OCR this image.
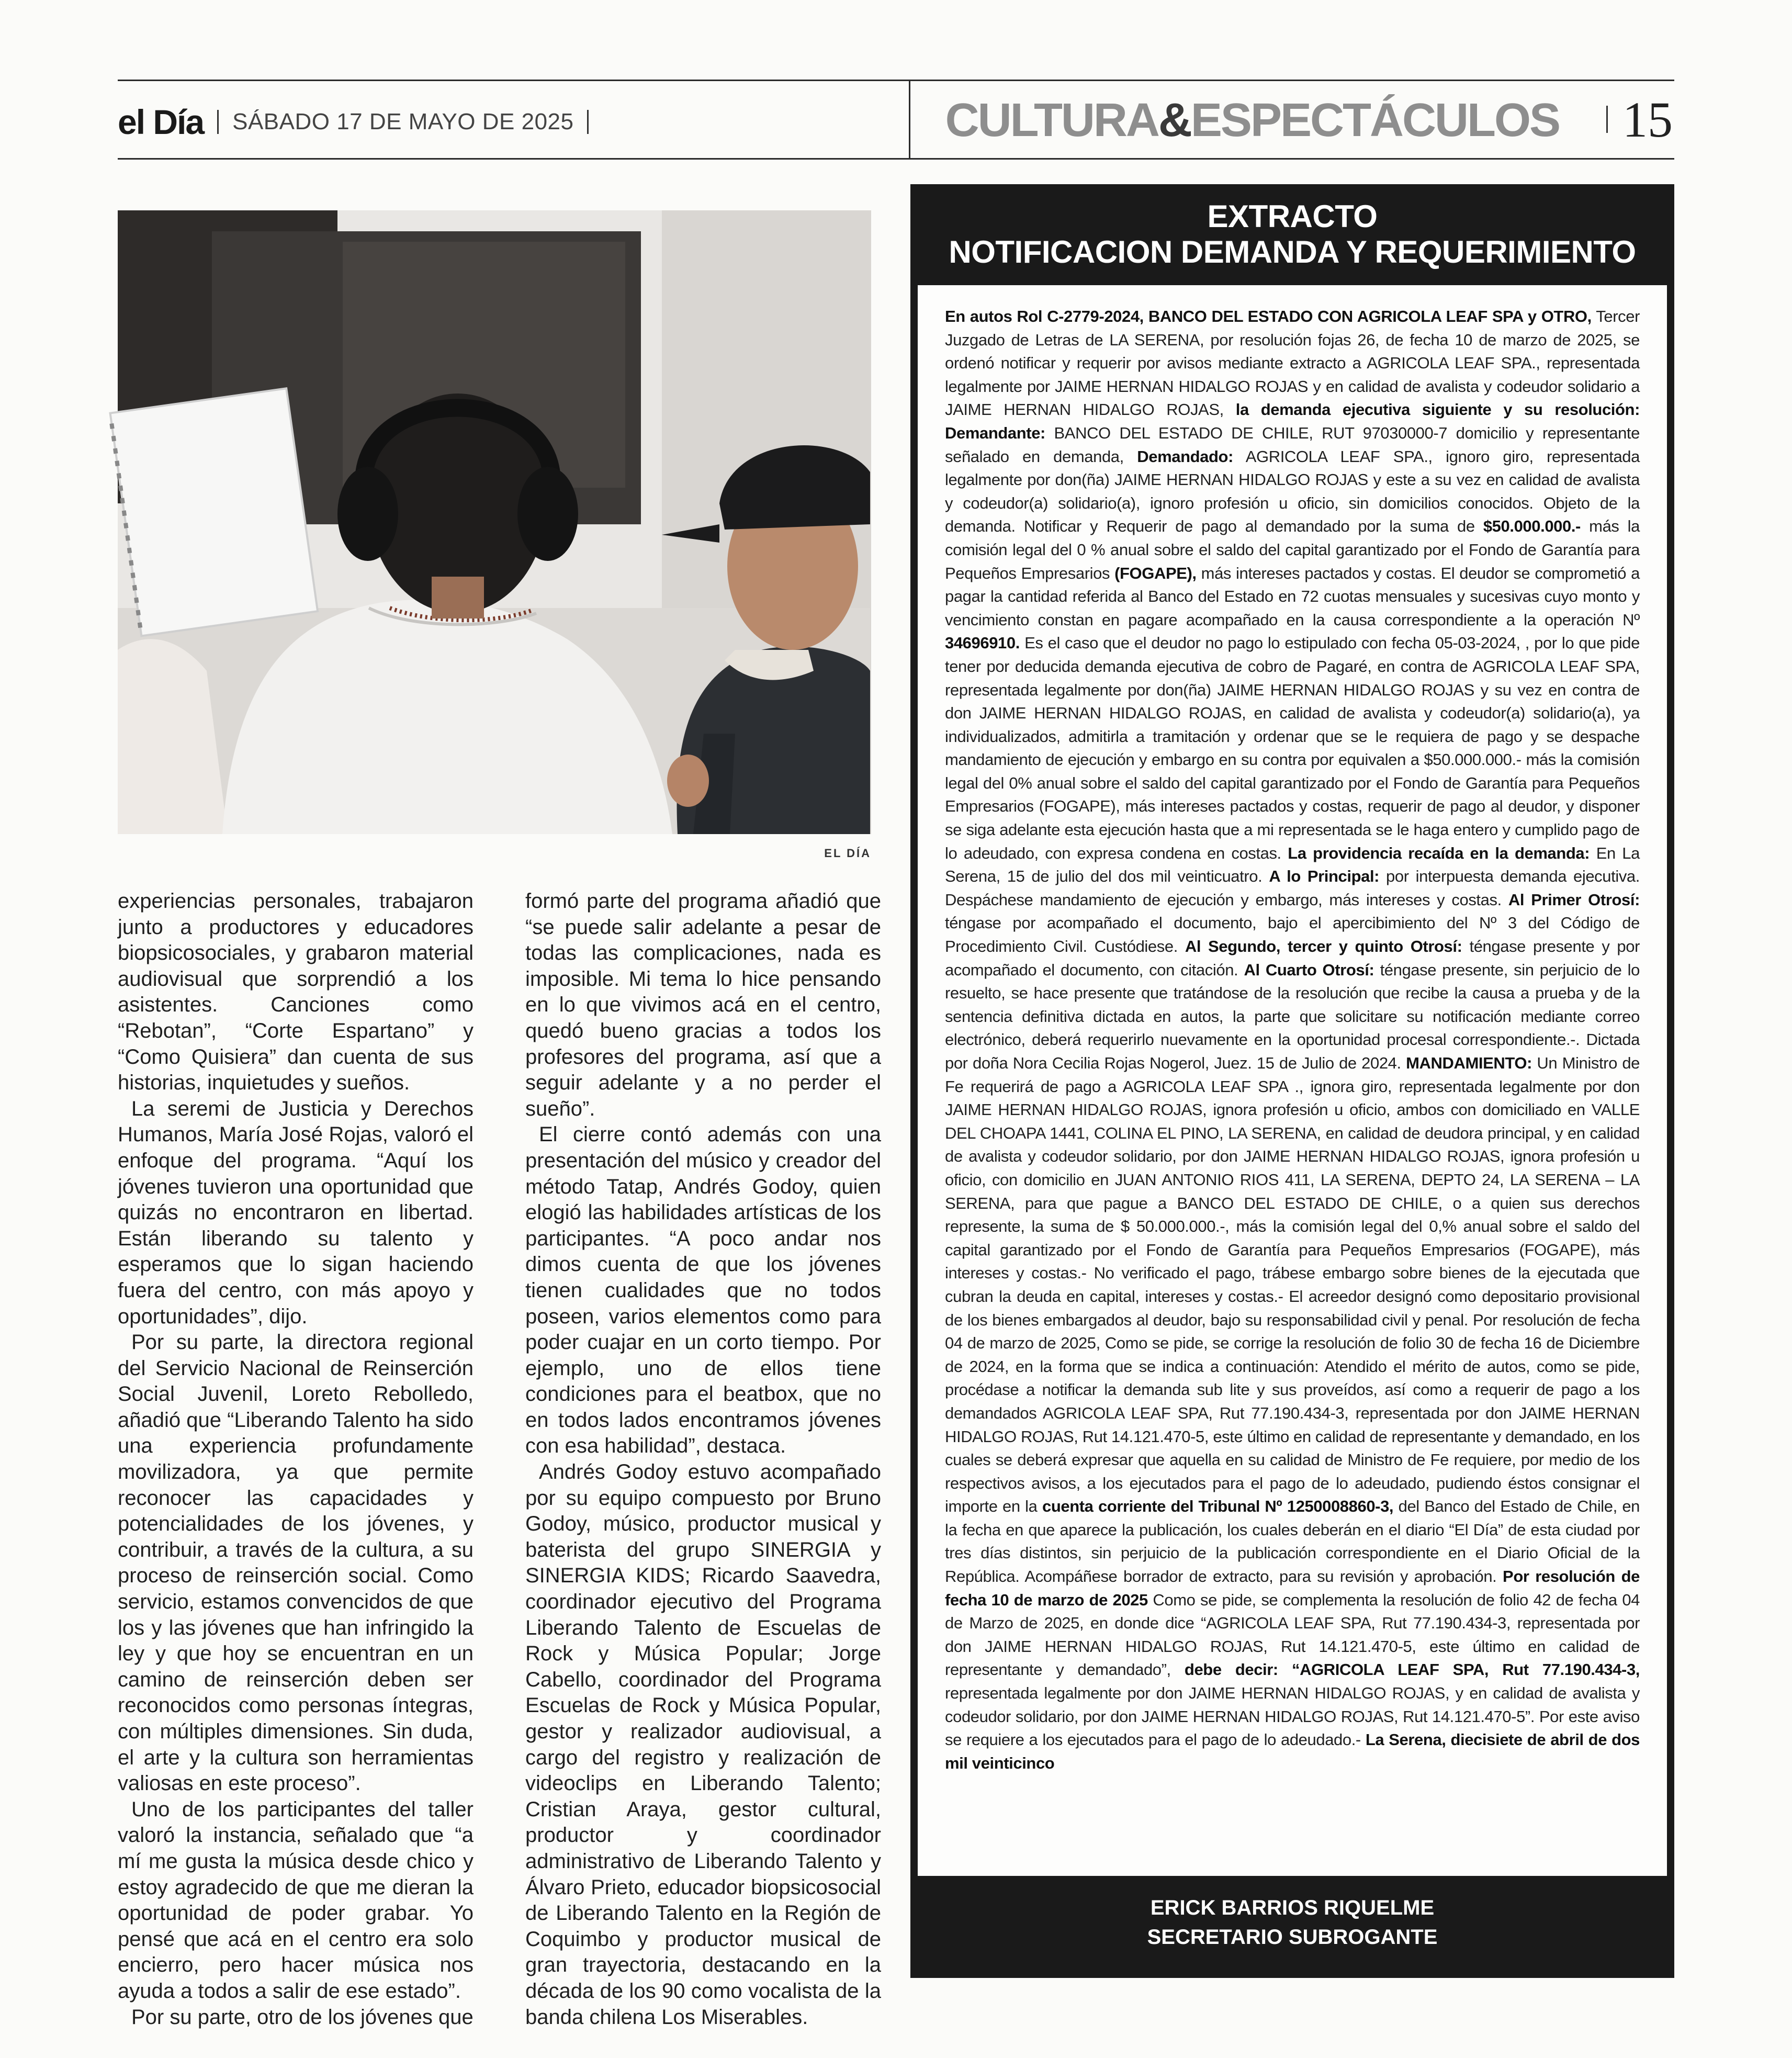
el Día SÁBADO 17 DE MAYO DE 2025	CULTURA & ESPECTÁCULOS 15
EL DÍA

experiencias personales, trabajaron junto a productores y educadores biopsicosociales, y grabaron material audiovisual que sorprendió a los asistentes. Canciones como “Rebotan”, “Corte Espartano” y “Como Quisiera” dan cuenta de sus historias, inquietudes y sueños.

La seremi de Justicia y Derechos Humanos, María José Rojas, valoró el enfoque del programa. “Aquí los jóvenes tuvieron una oportunidad que quizás no encontraron en libertad. Están liberando su talento y esperamos que lo sigan haciendo fuera del centro, con más apoyo y oportunidades”, dijo.

Por su parte, la directora regional del Servicio Nacional de Reinserción Social Juvenil, Loreto Rebolledo, añadió que “Liberando Talento ha sido una experiencia profundamente movilizadora, ya que permite reconocer las capacidades y potencialidades de los jóvenes, y contribuir, a través de la cultura, a su proceso de reinserción social. Como servicio, estamos convencidos de que los y las jóvenes que han infringido la ley y que hoy se encuentran en un camino de reinserción deben ser reconocidos como personas íntegras, con múltiples dimensiones. Sin duda, el arte y la cultura son herramientas valiosas en este proceso”.

Uno de los participantes del taller valoró la instancia, señalado que “a mí me gusta la música desde chico y estoy agradecido de que me dieran la oportunidad de poder grabar. Yo pensé que acá en el centro era solo encierro, pero hacer música nos ayuda a todos a salir de ese estado”.

Por su parte, otro de los jóvenes que

formó parte del programa añadió que “se puede salir adelante a pesar de todas las complicaciones, nada es imposible. Mi tema lo hice pensando en lo que vivimos acá en el centro, quedó bueno gracias a todos los profesores del programa, así que a seguir adelante y a no perder el sueño”.

El cierre contó además con una presentación del músico y creador del método Tatap, Andrés Godoy, quien elogió las habilidades artísticas de los participantes. “A poco andar nos dimos cuenta de que los jóvenes tienen cualidades que no todos poseen, varios elementos como para poder cuajar en un corto tiempo. Por ejemplo, uno de ellos tiene condiciones para el beatbox, que no en todos lados encontramos jóvenes con esa habilidad”, destaca.

Andrés Godoy estuvo acompañado por su equipo compuesto por Bruno Godoy, músico, productor musical y baterista del grupo SINERGIA y SINERGIA KIDS; Ricardo Saavedra, coordinador ejecutivo del Programa Liberando Talento de Escuelas de Rock y Música Popular; Jorge Cabello, coordinador del Programa Escuelas de Rock y Música Popular, gestor y realizador audiovisual, a cargo del registro y realización de videoclips en Liberando Talento; Cristian Araya, gestor cultural, productor y coordinador administrativo de Liberando Talento y Álvaro Prieto, educador biopsicosocial de Liberando Talento en la Región de Coquimbo y productor musical de gran trayectoria, destacando en la década de los 90 como vocalista de la banda chilena Los Miserables.

EXTRACTO
NOTIFICACION DEMANDA Y REQUERIMIENTO
En autos Rol C-2779-2024, BANCO DEL ESTADO CON AGRICOLA LEAF SPA y OTRO, Tercer Juzgado de Letras de LA SERENA, por resolución fojas 26, de fecha 10 de marzo de 2025, se ordenó notificar y requerir por avisos mediante extracto a AGRICOLA LEAF SPA., representada legalmente por JAIME HERNAN HIDALGO ROJAS y en calidad de avalista y codeudor solidario a JAIME HERNAN HIDALGO ROJAS, la demanda ejecutiva siguiente y su resolución: Demandante: BANCO DEL ESTADO DE CHILE, RUT 97030000-7 domicilio y representante señalado en demanda, Demandado: AGRICOLA LEAF SPA., ignoro giro, representada legalmente por don(ña) JAIME HERNAN HIDALGO ROJAS y este a su vez en calidad de avalista y codeudor(a) solidario(a), ignoro profesión u oficio, sin domicilios conocidos. Objeto de la demanda. Notificar y Requerir de pago al demandado por la suma de $50.000.000.- más la comisión legal del 0 % anual sobre el saldo del capital garantizado por el Fondo de Garantía para Pequeños Empresarios (FOGAPE), más intereses pactados y costas. El deudor se comprometió a pagar la cantidad referida al Banco del Estado en 72 cuotas mensuales y sucesivas cuyo monto y vencimiento constan en pagare acompañado en la causa correspondiente a la operación Nº 34696910. Es el caso que el deudor no pago lo estipulado con fecha 05-03-2024, , por lo que pide tener por deducida demanda ejecutiva de cobro de Pagaré, en contra de AGRICOLA LEAF SPA, representada legalmente por don(ña) JAIME HERNAN HIDALGO ROJAS y su vez en contra de don JAIME HERNAN HIDALGO ROJAS, en calidad de avalista y codeudor(a) solidario(a), ya individualizados, admitirla a tramitación y ordenar que se le requiera de pago y se despache mandamiento de ejecución y embargo en su contra por equivalen a $50.000.000.- más la comisión legal del 0% anual sobre el saldo del capital garantizado por el Fondo de Garantía para Pequeños Empresarios (FOGAPE), más intereses pactados y costas, requerir de pago al deudor, y disponer se siga adelante esta ejecución hasta que a mi representada se le haga entero y cumplido pago de lo adeudado, con expresa condena en costas. La providencia recaída en la demanda: En La Serena, 15 de julio del dos mil veinticuatro. A lo Principal: por interpuesta demanda ejecutiva. Despáchese mandamiento de ejecución y embargo, más intereses y costas. Al Primer Otrosí: téngase por acompañado el documento, bajo el apercibimiento del Nº 3 del Código de Procedimiento Civil. Custódiese. Al Segundo, tercer y quinto Otrosí: téngase presente y por acompañado el documento, con citación. Al Cuarto Otrosí: téngase presente, sin perjuicio de lo resuelto, se hace presente que tratándose de la resolución que recibe la causa a prueba y de la sentencia definitiva dictada en autos, la parte que solicitare su notificación mediante correo electrónico, deberá requerirlo nuevamente en la oportunidad procesal correspondiente.-. Dictada por doña Nora Cecilia Rojas Nogerol, Juez. 15 de Julio de 2024. MANDAMIENTO: Un Ministro de Fe requerirá de pago a AGRICOLA LEAF SPA ., ignora giro, representada legalmente por don JAIME HERNAN HIDALGO ROJAS, ignora profesión u oficio, ambos con domiciliado en VALLE DEL CHOAPA 1441, COLINA EL PINO, LA SERENA, en calidad de deudora principal, y en calidad de avalista y codeudor solidario, por don JAIME HERNAN HIDALGO ROJAS, ignora profesión u oficio, con domicilio en JUAN ANTONIO RIOS 411, LA SERENA, DEPTO 24, LA SERENA – LA SERENA, para que pague a BANCO DEL ESTADO DE CHILE, o a quien sus derechos represente, la suma de $ 50.000.000.-, más la comisión legal del 0,% anual sobre el saldo del capital garantizado por el Fondo de Garantía para Pequeños Empresarios (FOGAPE), más intereses y costas.- No verificado el pago, trábese embargo sobre bienes de la ejecutada que cubran la deuda en capital, intereses y costas.- El acreedor designó como depositario provisional de los bienes embargados al deudor, bajo su responsabilidad civil y penal. Por resolución de fecha 04 de marzo de 2025, Como se pide, se corrige la resolución de folio 30 de fecha 16 de Diciembre de 2024, en la forma que se indica a continuación: Atendido el mérito de autos, como se pide, procédase a notificar la demanda sub lite y sus proveídos, así como a requerir de pago a los demandados AGRICOLA LEAF SPA, Rut 77.190.434-3, representada por don JAIME HERNAN HIDALGO ROJAS, Rut 14.121.470-5, este último en calidad de representante y demandado, en los cuales se deberá expresar que aquella en su calidad de Ministro de Fe requiere, por medio de los respectivos avisos, a los ejecutados para el pago de lo adeudado, pudiendo éstos consignar el importe en la cuenta corriente del Tribunal Nº 1250008860-3, del Banco del Estado de Chile, en la fecha en que aparece la publicación, los cuales deberán en el diario “El Día” de esta ciudad por tres días distintos, sin perjuicio de la publicación correspondiente en el Diario Oficial de la República. Acompáñese borrador de extracto, para su revisión y aprobación. Por resolución de fecha 10 de marzo de 2025 Como se pide, se complementa la resolución de folio 42 de fecha 04 de Marzo de 2025, en donde dice “AGRICOLA LEAF SPA, Rut 77.190.434-3, representada por don JAIME HERNAN HIDALGO ROJAS, Rut 14.121.470-5, este último en calidad de representante y demandado”, debe decir: “AGRICOLA LEAF SPA, Rut 77.190.434-3, representada legalmente por don JAIME HERNAN HIDALGO ROJAS, y en calidad de avalista y codeudor solidario, por don JAIME HERNAN HIDALGO ROJAS, Rut 14.121.470-5”. Por este aviso se requiere a los ejecutados para el pago de lo adeudado.- La Serena, diecisiete de abril de dos mil veinticinco
ERICK BARRIOS RIQUELME
SECRETARIO SUBROGANTE
